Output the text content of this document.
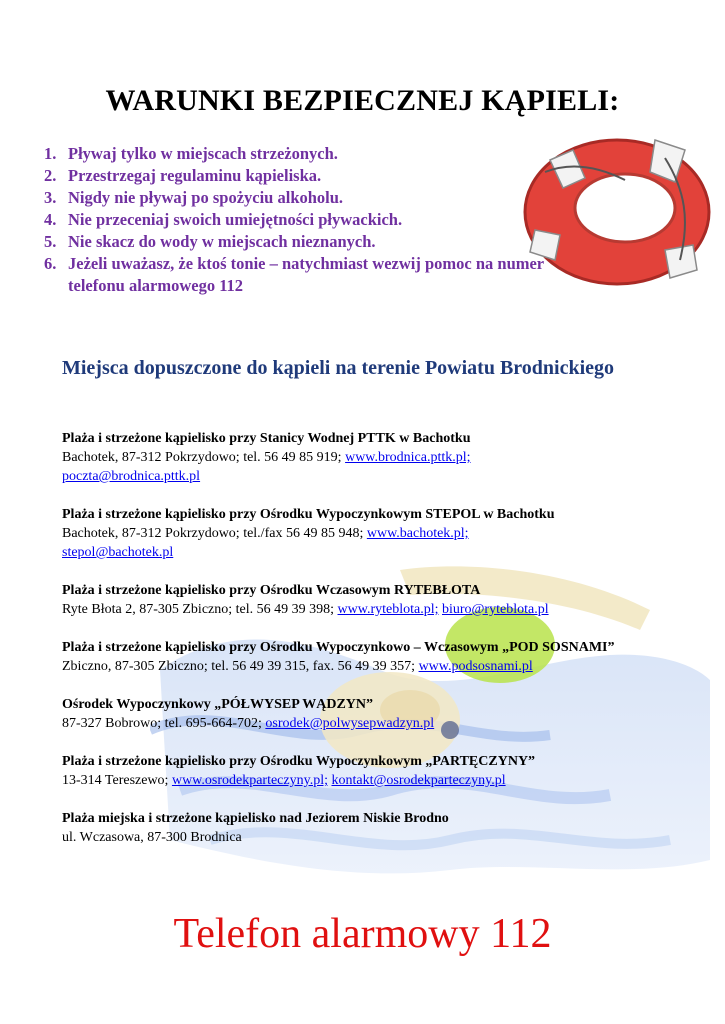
WARUNKI BEZPIECZNEJ KĄPIELI:
1. Pływaj tylko w miejscach strzeżonych.
2. Przestrzegaj regulaminu kąpieliska.
3. Nigdy nie pływaj po spożyciu alkoholu.
4. Nie przeceniaj swoich umiejętności pływackich.
5. Nie skacz do wody w miejscach nieznanych.
6. Jeżeli uważasz, że ktoś tonie – natychmiast wezwij pomoc na numer telefonu alarmowego 112
Miejsca dopuszczone do kąpieli na terenie Powiatu Brodnickiego

Plaża i strzeżone kąpielisko przy Stanicy Wodnej PTTK w Bachotku
Bachotek, 87-312 Pokrzydowo; tel. 56 49 85 919; www.brodnica.pttk.pl;
poczta@brodnica.pttk.pl

Plaża i strzeżone kąpielisko przy Ośrodku Wypoczynkowym STEPOL w Bachotku
Bachotek, 87-312 Pokrzydowo; tel./fax 56 49 85 948; www.bachotek.pl;
stepol@bachotek.pl

Plaża i strzeżone kąpielisko przy Ośrodku Wczasowym RYTEBŁOTA
Ryte Błota 2, 87-305 Zbiczno; tel. 56 49 39 398; www.ryteblota.pl; biuro@ryteblota.pl

Plaża i strzeżone kąpielisko przy Ośrodku Wypoczynkowo – Wczasowym „POD SOSNAMI”
Zbiczno, 87-305 Zbiczno; tel. 56 49 39 315, fax. 56 49 39 357; www.podsosnami.pl

Ośrodek Wypoczynkowy „PÓŁWYSEP WĄDZYN”
87-327 Bobrowo; tel. 695-664-702; osrodek@polwysepwadzyn.pl

Plaża i strzeżone kąpielisko przy Ośrodku Wypoczynkowym „PARTĘCZYNY”
13-314 Tereszewo; www.osrodekparteczyny.pl; kontakt@osrodekparteczyny.pl

Plaża miejska i strzeżone kąpielisko nad Jeziorem Niskie Brodno
ul. Wczasowa, 87-300 Brodnica

Telefon alarmowy 112
